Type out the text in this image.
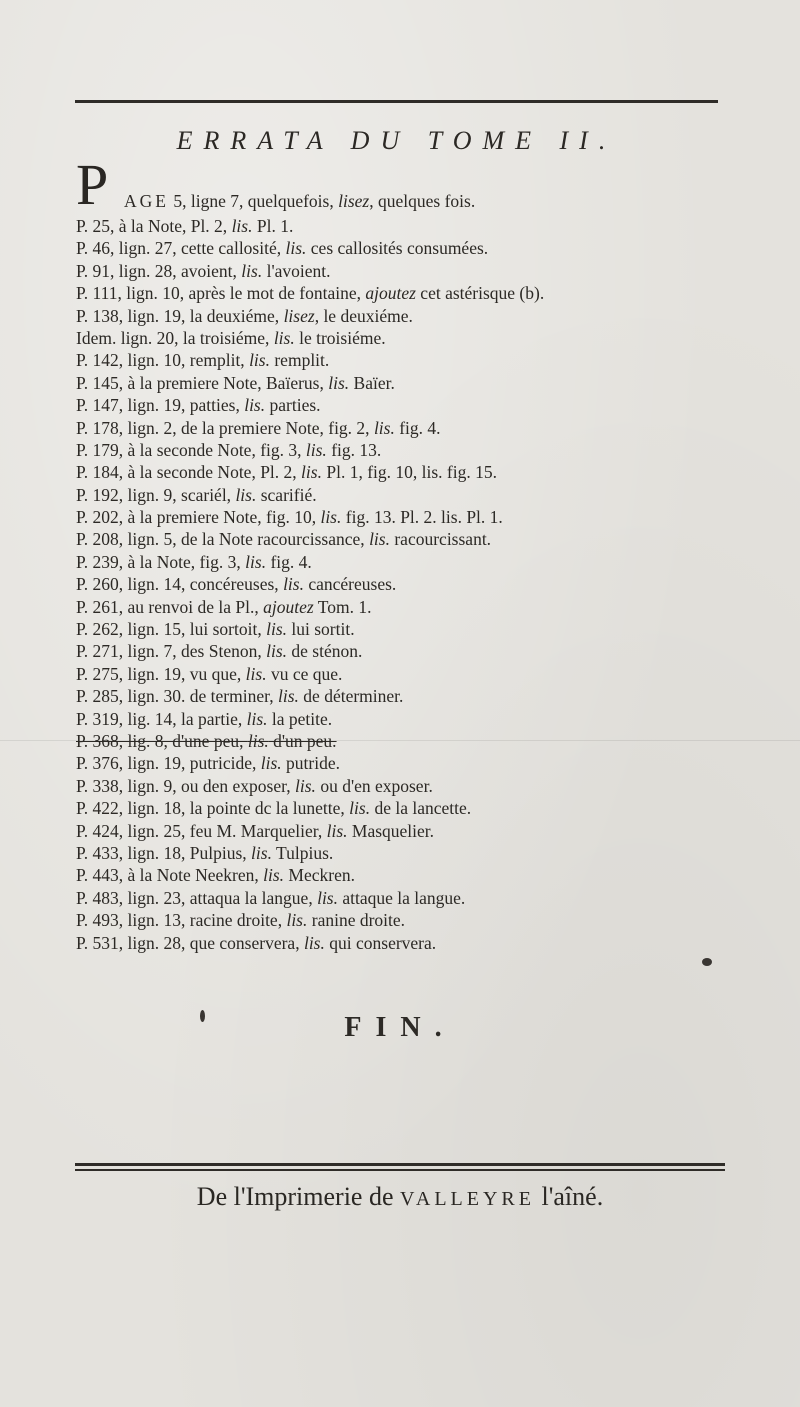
ERRATA DU TOME II.
P AGE 5, ligne 7, quelquefois, lisez, quelques fois.
P. 25, à la Note, Pl. 2, lis. Pl. 1.
P. 46, lign. 27, cette callosité, lis. ces callosités consumées.
P. 91, lign. 28, avoient, lis. l'avoient.
P. 111, lign. 10, après le mot de fontaine, ajoutez cet astérisque (b).
P. 138, lign. 19, la deuxiéme, lisez, le deuxiéme.
Idem. lign. 20, la troisiéme, lis. le troisiéme.
P. 142, lign. 10, remplit, lis. remplit.
P. 145, à la premiere Note, Baïerus, lis. Baïer.
P. 147, lign. 19, patties, lis. parties.
P. 178, lign. 2, de la premiere Note, fig. 2, lis. fig. 4.
P. 179, à la seconde Note, fig. 3, lis. fig. 13.
P. 184, à la seconde Note, Pl. 2, lis. Pl. 1, fig. 10, lis. fig. 15.
P. 192, lign. 9, scariél, lis. scarifié.
P. 202, à la premiere Note, fig. 10, lis. fig. 13. Pl. 2. lis. Pl. 1.
P. 208, lign. 5, de la Note racourcissance, lis. racourcissant.
P. 239, à la Note, fig. 3, lis. fig. 4.
P. 260, lign. 14, concéreuses, lis. cancéreuses.
P. 261, au renvoi de la Pl., ajoutez Tom. 1.
P. 262, lign. 15, lui sortoit, lis. lui sortit.
P. 271, lign. 7, des Stenon, lis. de sténon.
P. 275, lign. 19, vu que, lis. vu ce que.
P. 285, lign. 30. de terminer, lis. de déterminer.
P. 319, lig. 14, la partie, lis. la petite.
P. 368, lig. 8, d'une peu, lis. d'un peu.
P. 376, lign. 19, putricide, lis. putride.
P. 338, lign. 9, ou den exposer, lis. ou d'en exposer.
P. 422, lign. 18, la pointe dc la lunette, lis. de la lancette.
P. 424, lign. 25, feu M. Marquelier, lis. Masquelier.
P. 433, lign. 18, Pulpius, lis. Tulpius.
P. 443, à la Note Neekren, lis. Meckren.
P. 483, lign. 23, attaqua la langue, lis. attaque la langue.
P. 493, lign. 13, racine droite, lis. ranine droite.
P. 531, lign. 28, que conservera, lis. qui conservera.
FIN.
De l'Imprimerie de VALLEYRE l'aîné.
